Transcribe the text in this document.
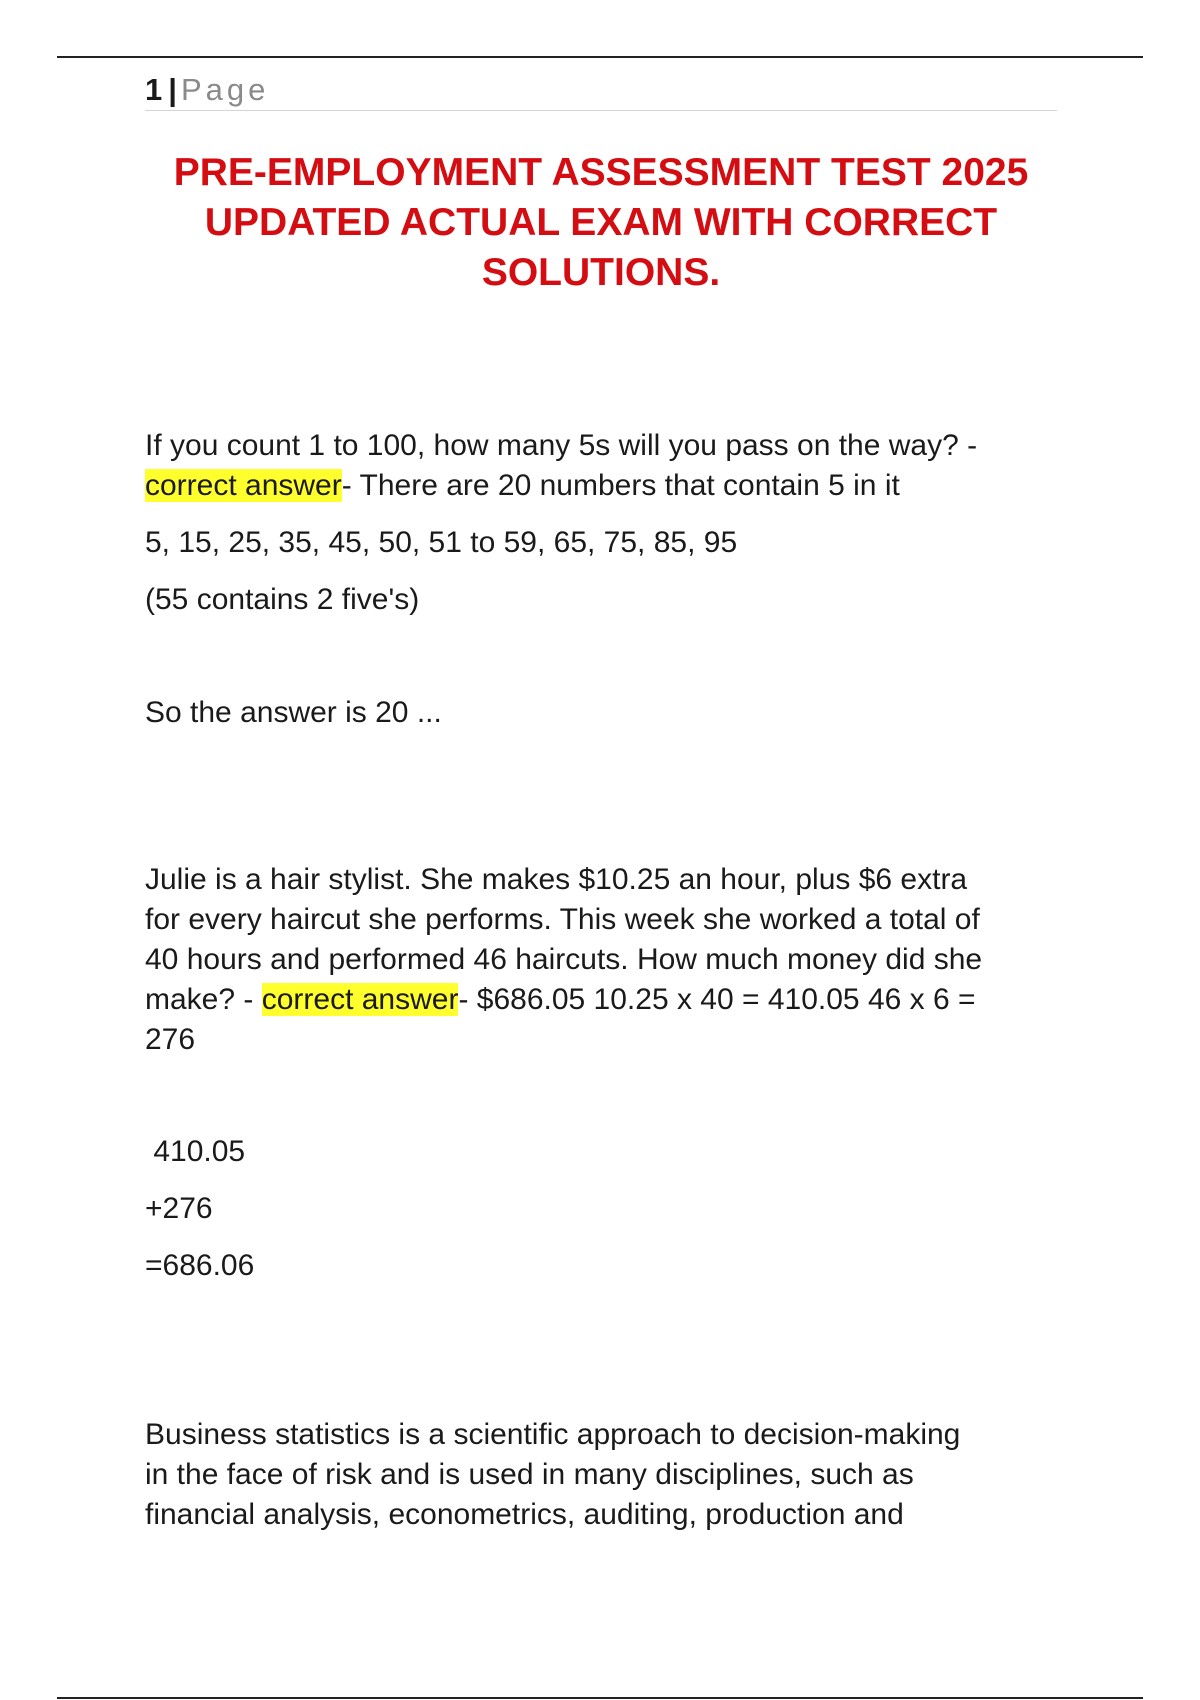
1 | Page
PRE-EMPLOYMENT ASSESSMENT TEST 2025
UPDATED ACTUAL EXAM WITH CORRECT
SOLUTIONS.
If you count 1 to 100, how many 5s will you pass on the way? -
correct answer- There are 20 numbers that contain 5 in it
5, 15, 25, 35, 45, 50, 51 to 59, 65, 75, 85, 95
(55 contains 2 five's)
So the answer is 20 ...
Julie is a hair stylist. She makes $10.25 an hour, plus $6 extra
for every haircut she performs. This week she worked a total of
40 hours and performed 46 haircuts. How much money did she
make? - correct answer- $686.05 10.25 x 40 = 410.05 46 x 6 =
276
410.05
+276
=686.06
Business statistics is a scientific approach to decision-making
in the face of risk and is used in many disciplines, such as
financial analysis, econometrics, auditing, production and
